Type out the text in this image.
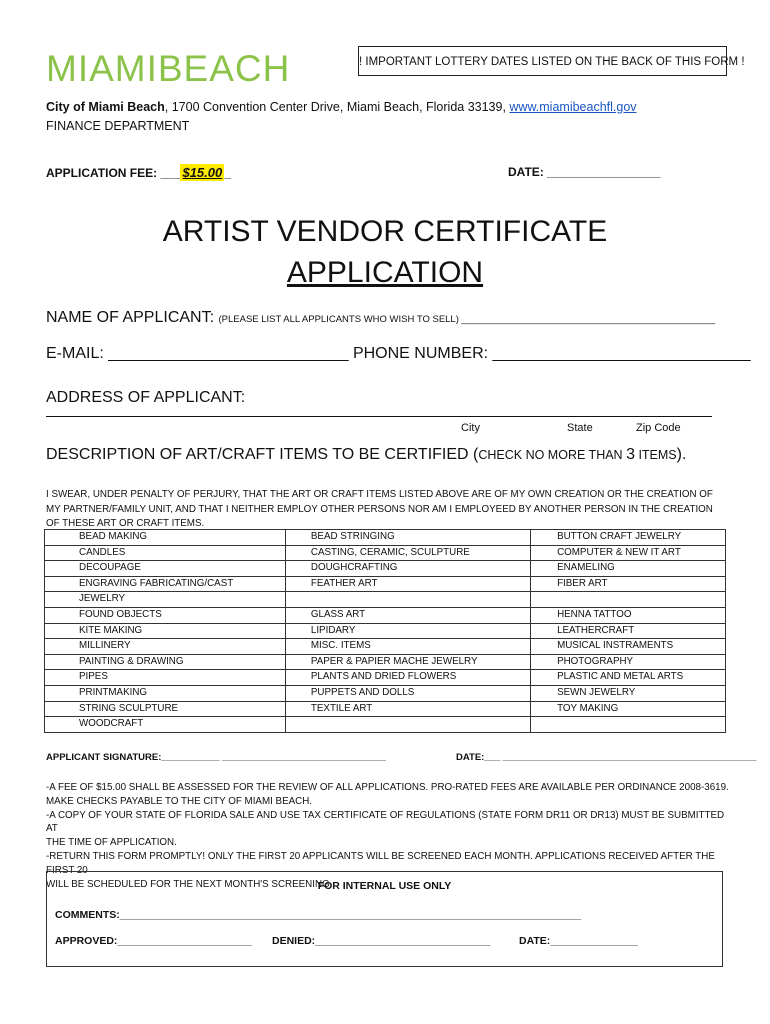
MIAMIBEACH	! IMPORTANT LOTTERY DATES LISTED ON THE BACK OF THIS FORM !
City of Miami Beach, 1700 Convention Center Drive, Miami Beach, Florida 33139, www.miamibeachfl.gov
FINANCE DEPARTMENT
APPLICATION FEE: ___ $15.00 _	DATE: _________________
ARTIST VENDOR CERTIFICATE
APPLICATION
NAME OF APPLICANT: (PLEASE LIST ALL APPLICANTS WHO WISH TO SELL) ________________________________________________
E-MAIL: ___________________________ PHONE NUMBER: _____________________________
ADDRESS OF APPLICANT:
City	State	Zip Code
DESCRIPTION OF ART/CRAFT ITEMS TO BE CERTIFIED (CHECK NO MORE THAN 3 ITEMS).
I SWEAR, UNDER PENALTY OF PERJURY, THAT THE ART OR CRAFT ITEMS LISTED ABOVE ARE OF MY OWN CREATION OR THE CREATION OF MY PARTNER/FAMILY UNIT, AND THAT I NEITHER EMPLOY OTHER PERSONS NOR AM I EMPLOYEED BY ANOTHER PERSON IN THE CREATION OF THESE ART OR CRAFT ITEMS.
BEAD MAKING	BEAD STRINGING	BUTTON CRAFT JEWELRY
CANDLES	CASTING, CERAMIC, SCULPTURE	COMPUTER & NEW IT ART
DECOUPAGE	DOUGHCRAFTING	ENAMELING
ENGRAVING FABRICATING/CAST	FEATHER ART	FIBER ART
JEWELRY		
FOUND OBJECTS	GLASS ART	HENNA TATTOO
KITE MAKING	LIPIDARY	LEATHERCRAFT
MILLINERY	MISC. ITEMS	MUSICAL INSTRAMENTS
PAINTING & DRAWING	PAPER & PAPIER MACHE JEWELRY	PHOTOGRAPHY
PIPES	PLANTS AND DRIED FLOWERS	PLASTIC AND METAL ARTS
PRINTMAKING	PUPPETS AND DOLLS	SEWN JEWELRY
STRING SCULPTURE	TEXTILE ART	TOY MAKING
WOODCRAFT		
APPLICANT SIGNATURE:___________ _______________________________	DATE:___ ________________________________________________
-A FEE OF $15.00 SHALL BE ASSESSED FOR THE REVIEW OF ALL APPLICATIONS. PRO-RATED FEES ARE AVAILABLE PER ORDINANCE 2008-3619.
MAKE CHECKS PAYABLE TO THE CITY OF MIAMI BEACH.
-A COPY OF YOUR STATE OF FLORIDA SALE AND USE TAX CERTIFICATE OF REGULATIONS (STATE FORM DR11 OR DR13) MUST BE SUBMITTED AT
THE TIME OF APPLICATION.
-RETURN THIS FORM PROMPTLY! ONLY THE FIRST 20 APPLICANTS WILL BE SCREENED EACH MONTH. APPLICATIONS RECEIVED AFTER THE FIRST 20
WILL BE SCHEDULED FOR THE NEXT MONTH'S SCREENING.
FOR INTERNAL USE ONLY
COMMENTS:_______________________________________________________________________________
APPROVED:_______________________ DENIED:______________________________	DATE:_______________
